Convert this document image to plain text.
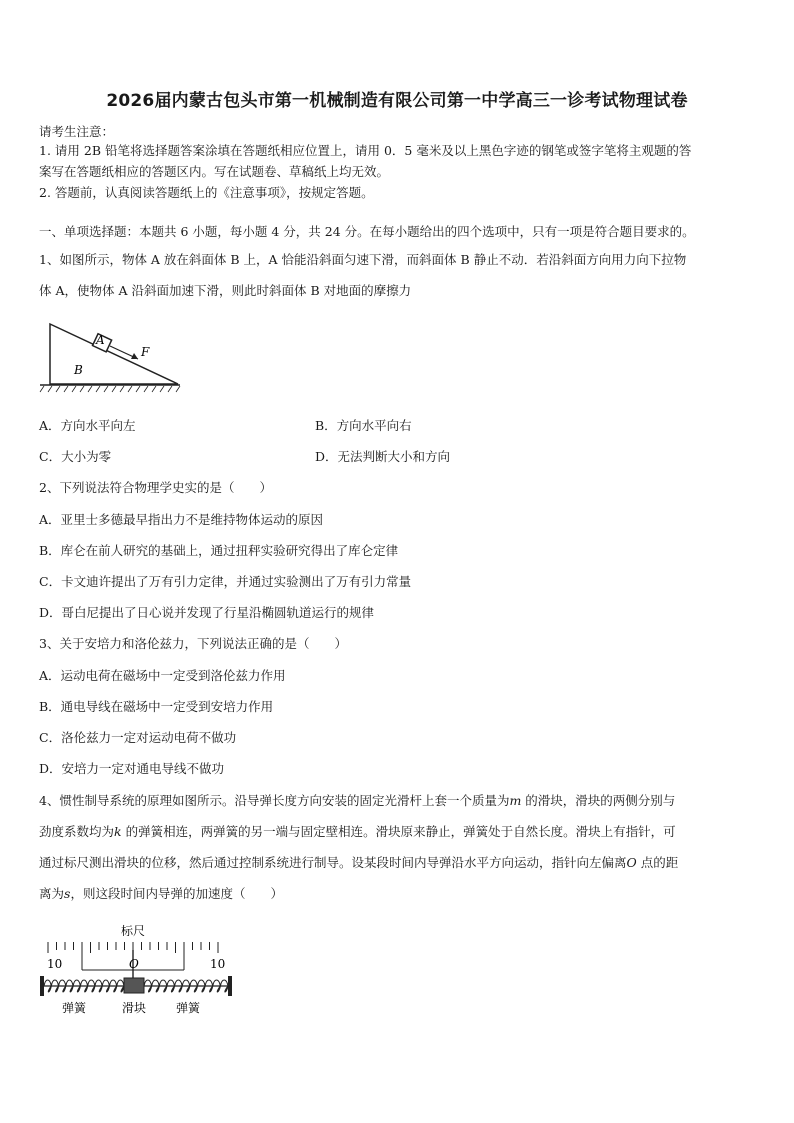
2026届内蒙古包头市第一机械制造有限公司第一中学高三一诊考试物理试卷
请考生注意：
1. 请用 2B 铅笔将选择题答案涂填在答题纸相应位置上，请用 0．5 毫米及以上黑色字迹的钢笔或签字笔将主观题的答
案写在答题纸相应的答题区内。写在试题卷、草稿纸上均无效。
2. 答题前，认真阅读答题纸上的《注意事项》，按规定答题。
一、单项选择题：本题共 6 小题，每小题 4 分，共 24 分。在每小题给出的四个选项中，只有一项是符合题目要求的。
1、如图所示，物体 A 放在斜面体 B 上，A 恰能沿斜面匀速下滑，而斜面体 B 静止不动．若沿斜面方向用力向下拉物
体 A，使物体 A 沿斜面加速下滑，则此时斜面体 B 对地面的摩擦力
A
B
F
A．方向水平向左	B．方向水平向右
C．大小为零	D．无法判断大小和方向
2、下列说法符合物理学史实的是（　　）
A．亚里士多德最早指出力不是维持物体运动的原因
B．库仑在前人研究的基础上，通过扭秤实验研究得出了库仑定律
C．卡文迪许提出了万有引力定律，并通过实验测出了万有引力常量
D．哥白尼提出了日心说并发现了行星沿椭圆轨道运行的规律
3、关于安培力和洛伦兹力，下列说法正确的是（　　）
A．运动电荷在磁场中一定受到洛伦兹力作用
B．通电导线在磁场中一定受到安培力作用
C．洛伦兹力一定对运动电荷不做功
D．安培力一定对通电导线不做功
4、惯性制导系统的原理如图所示。沿导弹长度方向安装的固定光滑杆上套一个质量为m 的滑块，滑块的两侧分别与
劲度系数均为k 的弹簧相连，两弹簧的另一端与固定壁相连。滑块原来静止，弹簧处于自然长度。滑块上有指针，可
通过标尺测出滑块的位移，然后通过控制系统进行制导。设某段时间内导弹沿水平方向运动，指针向左偏离O 点的距
离为s，则这段时间内导弹的加速度（　　）
标尺
10	O	10
弹簧	滑块 弹簧
